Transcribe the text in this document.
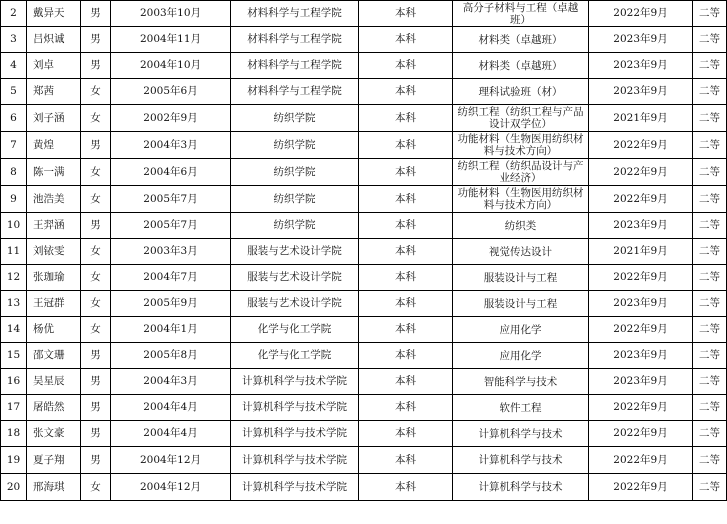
2	戴异天	男	2003年10月	材料科学与工程学院	本科	高分子材料与工程（卓越班）	2022年9月	二等
3	吕炽诚	男	2004年11月	材料科学与工程学院	本科	材料类（卓越班）	2023年9月	二等
4	刘卓	男	2004年10月	材料科学与工程学院	本科	材料类（卓越班）	2023年9月	二等
5	郑茜	女	2005年6月	材料科学与工程学院	本科	理科试验班（材）	2023年9月	二等
6	刘子涵	女	2002年9月	纺织学院	本科	纺织工程（纺织工程与产品设计双学位）	2021年9月	二等
7	黄煌	男	2004年3月	纺织学院	本科	功能材料（生物医用纺织材料与技术方向）	2022年9月	二等
8	陈一满	女	2004年6月	纺织学院	本科	纺织工程（纺织品设计与产业经济）	2022年9月	二等
9	池浩美	女	2005年7月	纺织学院	本科	功能材料（生物医用纺织材料与技术方向）	2022年9月	二等
10	王羿涵	男	2005年7月	纺织学院	本科	纺织类	2023年9月	二等
11	刘铱雯	女	2003年3月	服装与艺术设计学院	本科	视觉传达设计	2021年9月	二等
12	张珈瑜	女	2004年7月	服装与艺术设计学院	本科	服装设计与工程	2022年9月	二等
13	王冠群	女	2005年9月	服装与艺术设计学院	本科	服装设计与工程	2023年9月	二等
14	杨优	女	2004年1月	化学与化工学院	本科	应用化学	2022年9月	二等
15	邵文珊	男	2005年8月	化学与化工学院	本科	应用化学	2023年9月	二等
16	吴星辰	男	2004年3月	计算机科学与技术学院	本科	智能科学与技术	2023年9月	二等
17	屠皓然	男	2004年4月	计算机科学与技术学院	本科	软件工程	2022年9月	二等
18	张文豪	男	2004年4月	计算机科学与技术学院	本科	计算机科学与技术	2022年9月	二等
19	夏子翔	男	2004年12月	计算机科学与技术学院	本科	计算机科学与技术	2022年9月	二等
20	邢海琪	女	2004年12月	计算机科学与技术学院	本科	计算机科学与技术	2022年9月	二等
